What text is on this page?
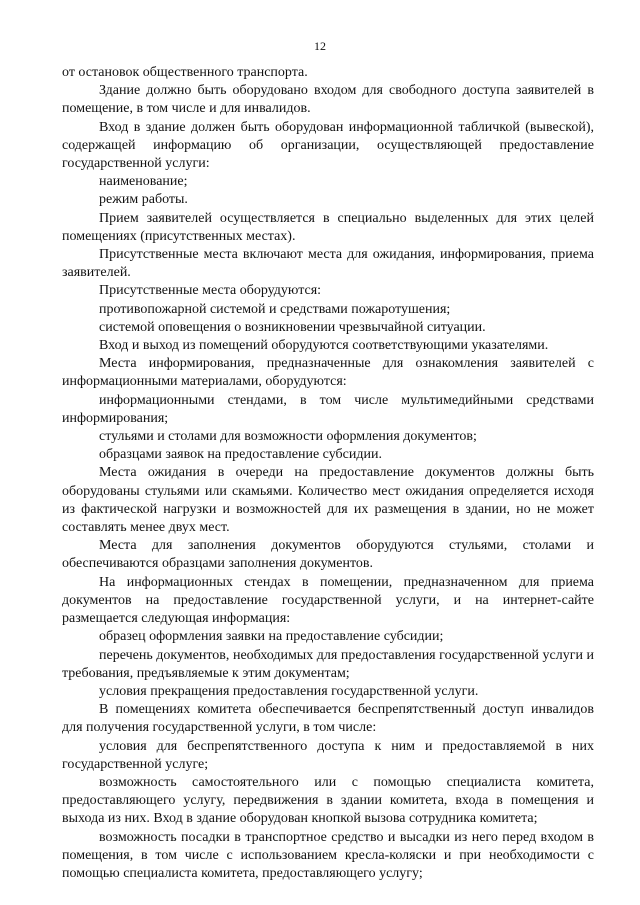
12

от остановок общественного транспорта.

Здание должно быть оборудовано входом для свободного доступа заявителей в помещение, в том числе и для инвалидов.

Вход в здание должен быть оборудован информационной табличкой (вывеской), содержащей информацию об организации, осуществляющей предоставление государственной услуги:

наименование;

режим работы.

Прием заявителей осуществляется в специально выделенных для этих целей помещениях (присутственных местах).

Присутственные места включают места для ожидания, информирования, приема заявителей.

Присутственные места оборудуются:

противопожарной системой и средствами пожаротушения;

системой оповещения о возникновении чрезвычайной ситуации.

Вход и выход из помещений оборудуются соответствующими указателями.

Места информирования, предназначенные для ознакомления заявителей с информационными материалами, оборудуются:

информационными стендами, в том числе мультимедийными средствами информирования;

стульями и столами для возможности оформления документов;

образцами заявок на предоставление субсидии.

Места ожидания в очереди на предоставление документов должны быть оборудованы стульями или скамьями. Количество мест ожидания определяется исходя из фактической нагрузки и возможностей для их размещения в здании, но не может составлять менее двух мест.

Места для заполнения документов оборудуются стульями, столами и обеспечиваются образцами заполнения документов.

На информационных стендах в помещении, предназначенном для приема документов на предоставление государственной услуги, и на интернет-сайте размещается следующая информация:

образец оформления заявки на предоставление субсидии;

перечень документов, необходимых для предоставления государственной услуги и требования, предъявляемые к этим документам;

условия прекращения предоставления государственной услуги.

В помещениях комитета обеспечивается беспрепятственный доступ инвалидов для получения государственной услуги, в том числе:

условия для беспрепятственного доступа к ним и предоставляемой в них государственной услуге;

возможность самостоятельного или с помощью специалиста комитета, предоставляющего услугу, передвижения в здании комитета, входа в помещения и выхода из них. Вход в здание оборудован кнопкой вызова сотрудника комитета;

возможность посадки в транспортное средство и высадки из него перед входом в помещения, в том числе с использованием кресла-коляски и при необходимости с помощью специалиста комитета, предоставляющего услугу;
